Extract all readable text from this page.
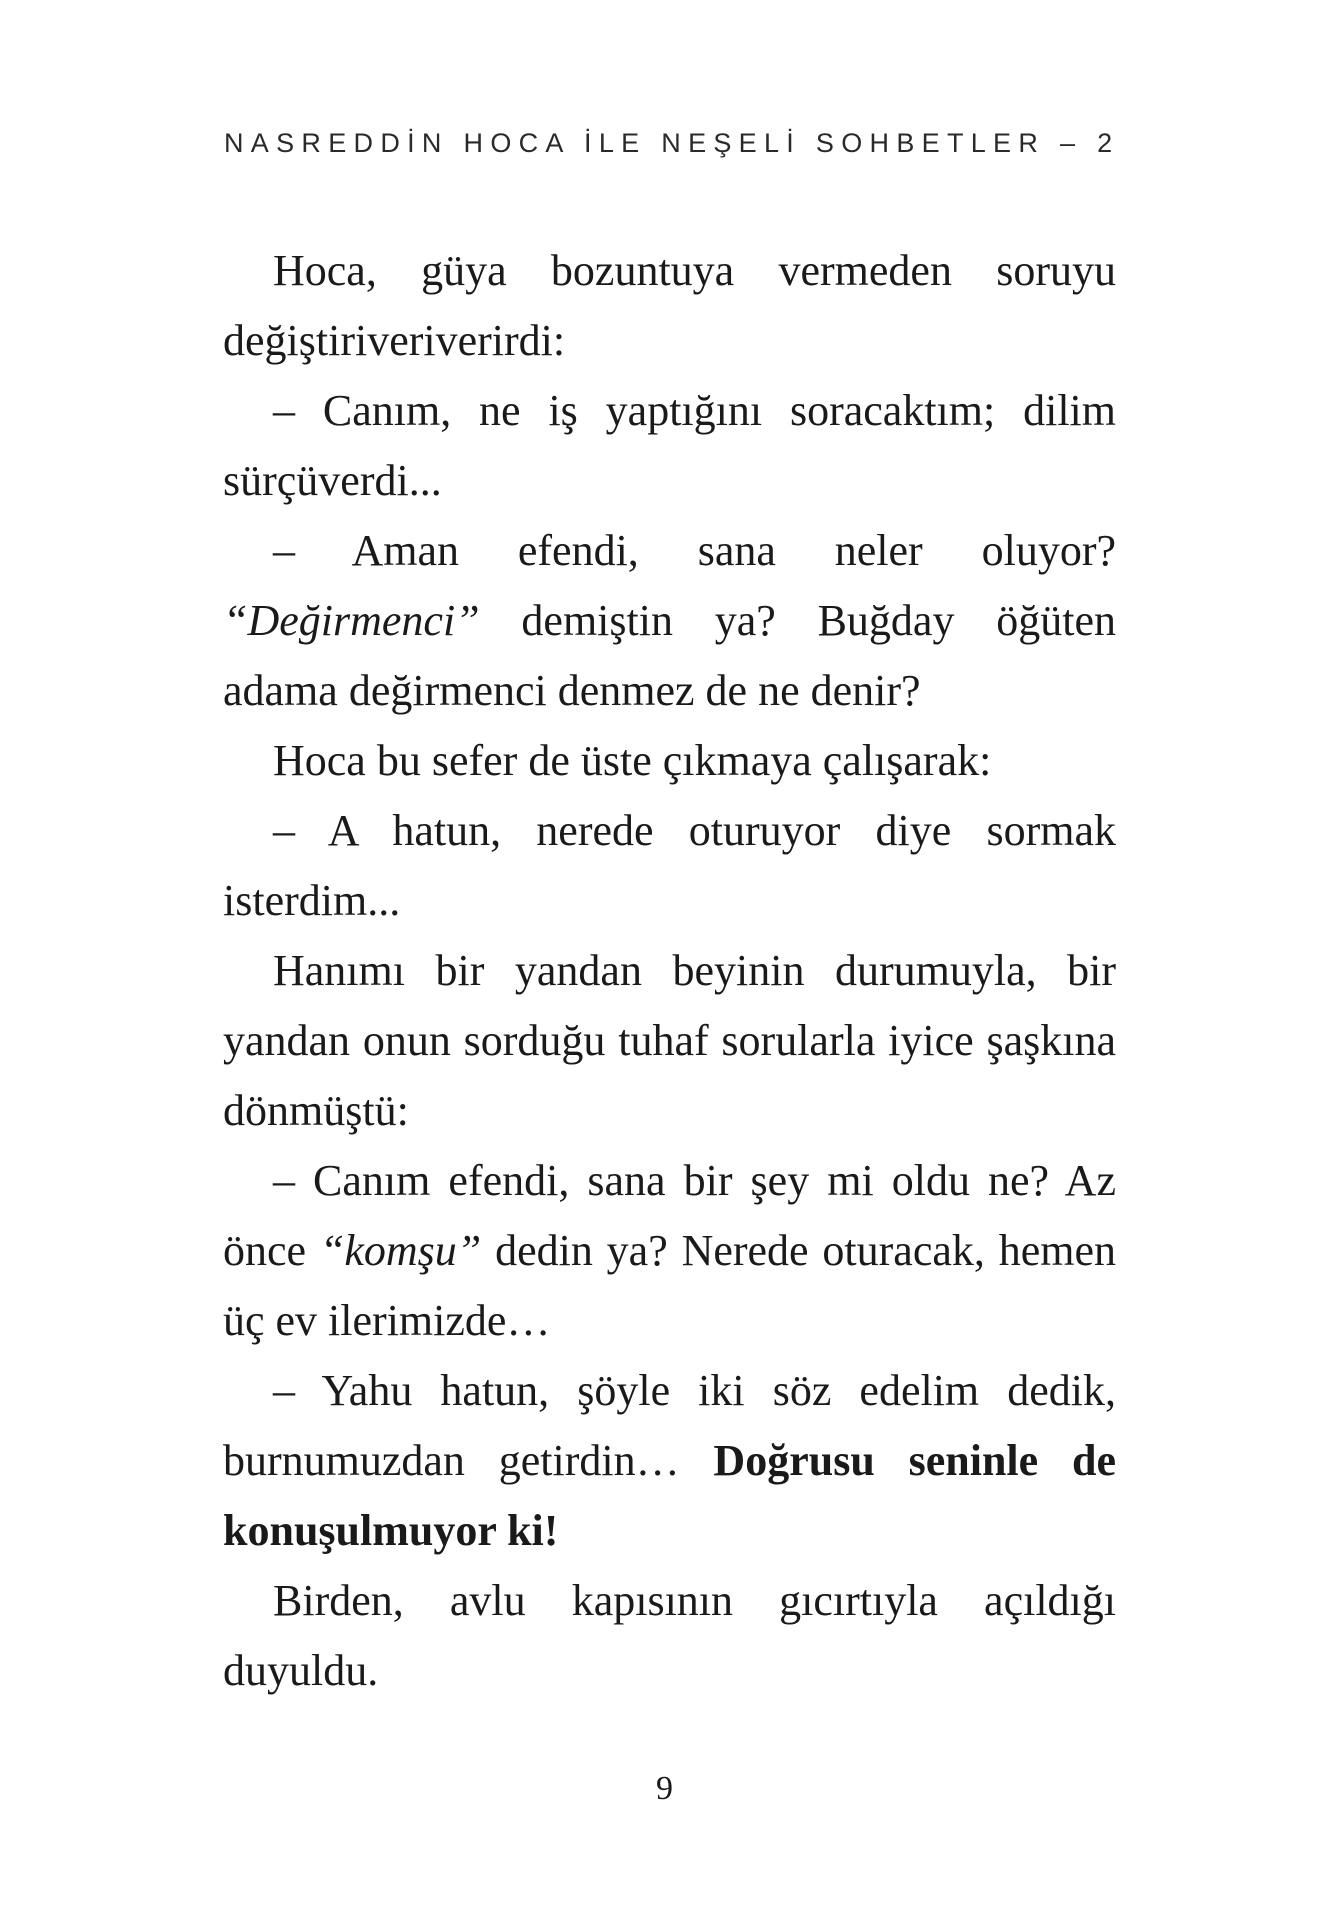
NASREDDİN HOCA İLE NEŞELİ SOHBETLER – 2

Hoca, güya bozuntuya vermeden soruyu değiştiriveriverirdi:

– Canım, ne iş yaptığını soracaktım; dilim sürçüverdi...

– Aman efendi, sana neler oluyor? “Değirmenci” demiştin ya? Buğday öğüten adama değirmenci denmez de ne denir?

Hoca bu sefer de üste çıkmaya çalışarak:

– A hatun, nerede oturuyor diye sormak isterdim...

Hanımı bir yandan beyinin durumuyla, bir yandan onun sorduğu tuhaf sorularla iyice şaşkına dönmüştü:

– Canım efendi, sana bir şey mi oldu ne? Az önce “komşu” dedin ya? Nerede oturacak, hemen üç ev ilerimizde…

– Yahu hatun, şöyle iki söz edelim dedik, burnumuzdan getirdin… Doğrusu seninle de konuşulmuyor ki!

Birden, avlu kapısının gıcırtıyla açıldığı duyuldu.

9
